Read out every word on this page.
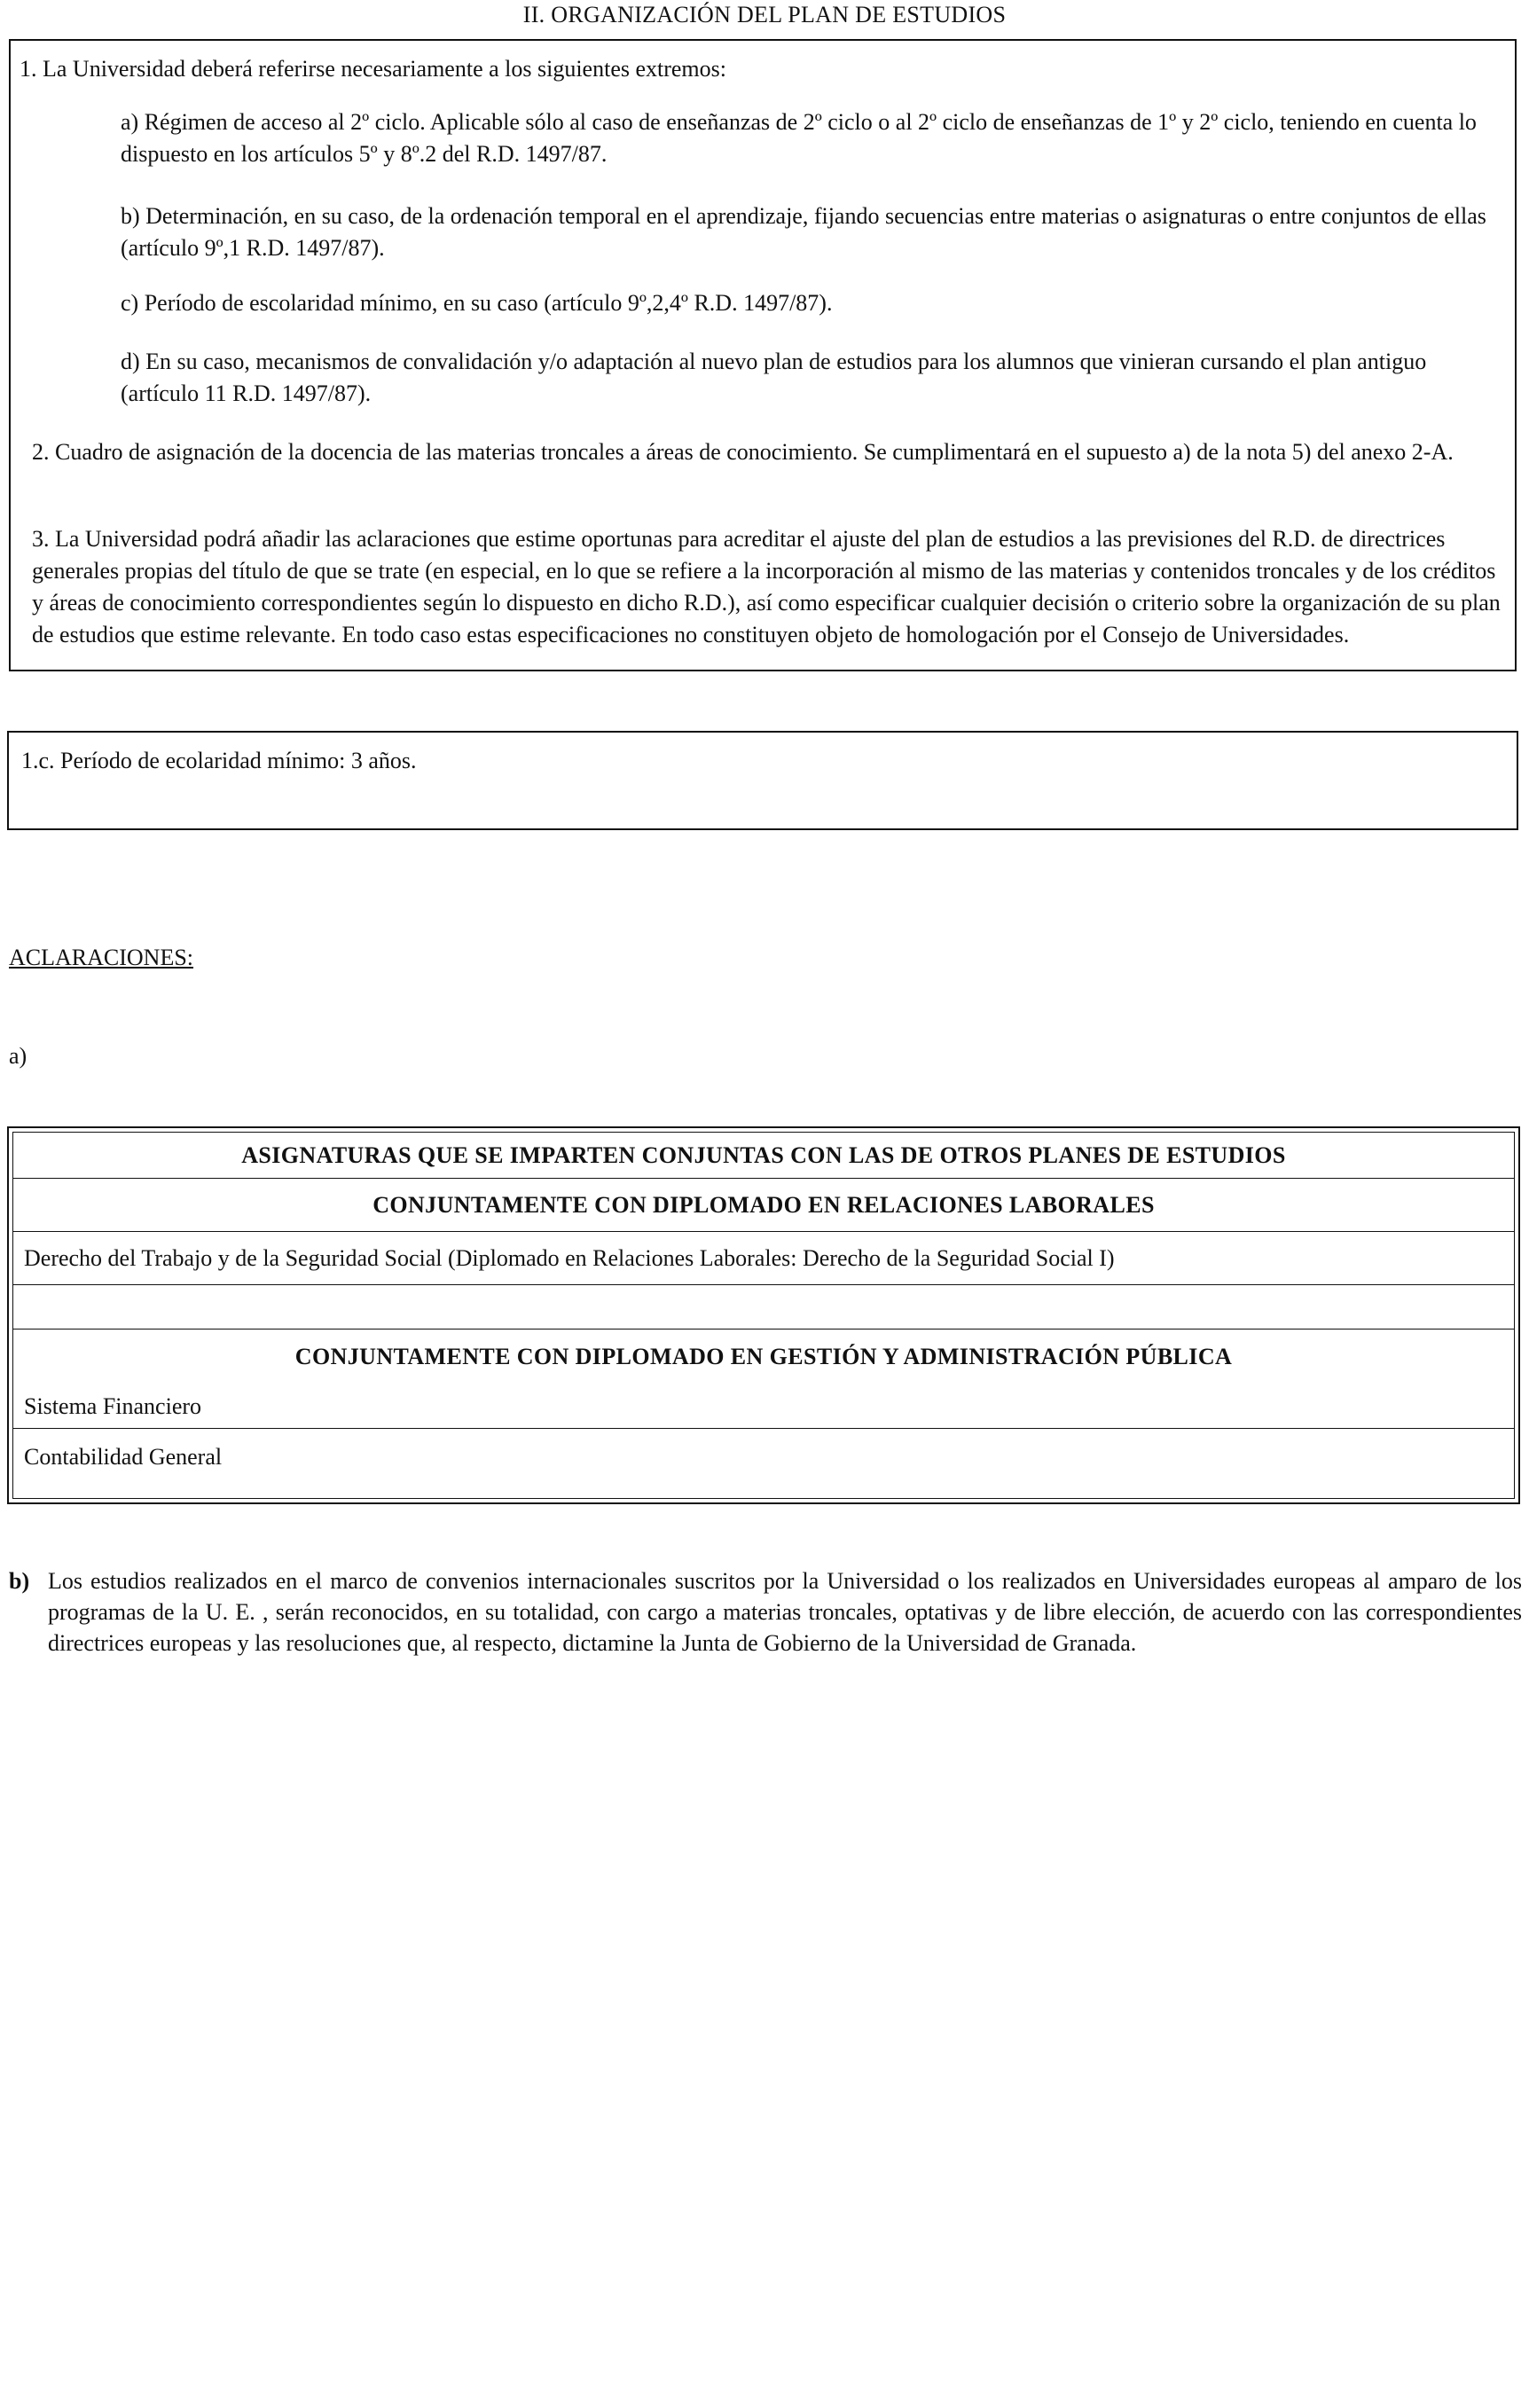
II. ORGANIZACIÓN DEL PLAN DE ESTUDIOS
1. La Universidad deberá referirse necesariamente a los siguientes extremos:
a) Régimen de acceso al 2º ciclo. Aplicable sólo al caso de enseñanzas de 2º ciclo o al 2º ciclo de enseñanzas de 1º y 2º ciclo, teniendo en cuenta lo dispuesto en los artículos 5º y 8º.2 del R.D. 1497/87.
b) Determinación, en su caso, de la ordenación temporal en el aprendizaje, fijando secuencias entre materias o asignaturas o entre conjuntos de ellas (artículo 9º,1 R.D. 1497/87).
c) Período de escolaridad mínimo, en su caso (artículo 9º,2,4º R.D. 1497/87).
d) En su caso, mecanismos de convalidación y/o adaptación al nuevo plan de estudios para los alumnos que vinieran cursando el plan antiguo (artículo 11 R.D. 1497/87).
2. Cuadro de asignación de la docencia de las materias troncales a áreas de conocimiento. Se cumplimentará en el supuesto a) de la nota 5) del anexo 2-A.
3. La Universidad podrá añadir las aclaraciones que estime oportunas para acreditar el ajuste del plan de estudios a las previsiones del R.D. de directrices generales propias del título de que se trate (en especial, en lo que se refiere a la incorporación al mismo de las materias y contenidos troncales y de los créditos y áreas de conocimiento correspondientes según lo dispuesto en dicho R.D.), así como especificar cualquier decisión o criterio sobre la organización de su plan de estudios que estime relevante. En todo caso estas especificaciones no constituyen objeto de homologación por el Consejo de Universidades.
1.c. Período de ecolaridad mínimo: 3 años.
ACLARACIONES:
a)
ASIGNATURAS QUE SE IMPARTEN CONJUNTAS CON LAS DE OTROS PLANES DE ESTUDIOS
CONJUNTAMENTE CON DIPLOMADO EN RELACIONES LABORALES
Derecho del Trabajo y de la Seguridad Social (Diplomado en Relaciones Laborales: Derecho de la Seguridad Social I)
CONJUNTAMENTE CON DIPLOMADO EN GESTIÓN Y ADMINISTRACIÓN PÚBLICA
Sistema Financiero
Contabilidad General
b) Los estudios realizados en el marco de convenios internacionales suscritos por la Universidad o los realizados en Universidades europeas al amparo de los programas de la U. E. , serán reconocidos, en su totalidad, con cargo a materias troncales, optativas y de libre elección, de acuerdo con las correspondientes directrices europeas y las resoluciones que, al respecto, dictamine la Junta de Gobierno de la Universidad de Granada.
